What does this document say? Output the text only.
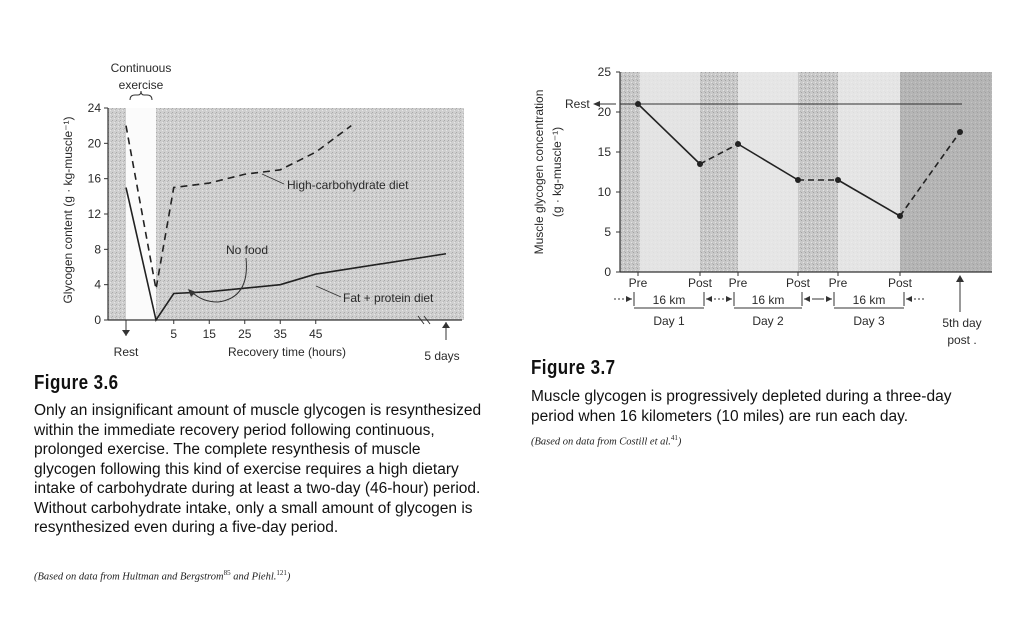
0
4
8
12
16
20
24
5 15 25 35 45
Continuous
exercise
Rest	5 days
Glycogen content (g · kg-muscle⁻¹)
Recovery time (hours)
High-carbohydrate diet
Fat + protein diet
No food
0
5
10
15
20
25
Rest
Muscle glycogen concentration (g · kg-muscle⁻¹)
Pre	Post Pre	Post Pre	Post
16 km
Day 1
16 km
Day 2
16 km
Day 3	5th day
post .
Figure 3.6

Only an insignificant amount of muscle glycogen is resynthesized within the immediate recovery period following continuous, prolonged exercise. The complete resynthesis of muscle glycogen following this kind of exercise requires a high dietary intake of carbohydrate during at least a two-day (46-hour) period. Without carbohydrate intake, only a small amount of glycogen is resynthesized even during a five-day period.

(Based on data from Hultman and Bergstrom$^{85}$ and Piehl.$^{121}$)
Figure 3.7

Muscle glycogen is progressively depleted during a three-day period when 16 kilometers (10 miles) are run each day.

(Based on data from Costill et al.$^{41}$)
